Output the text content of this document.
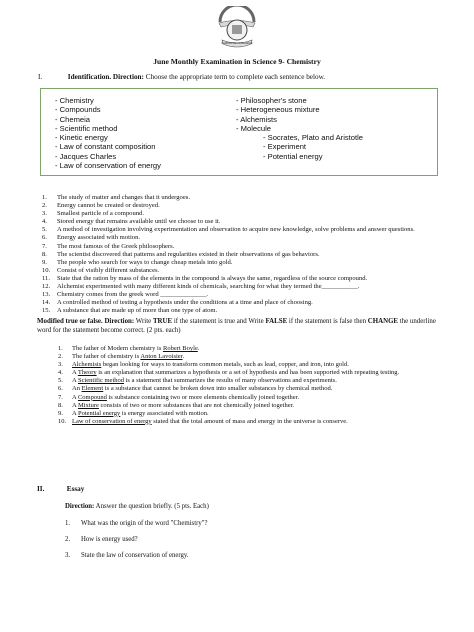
CHRISTIAN COLLEGE
June Monthly Examination in Science 9- Chemistry
I.	Identification. Direction: Choose the appropriate term to complete each sentence below.
- Chemistry
- Compounds
- Chemeia
- Scientific method
- Kinetic energy
- Law of constant composition
- Jacques Charles
- Law of conservation of energy
- Philosopher's stone
- Heterogeneous mixture
- Alchemists
- Molecule
- Socrates, Plato and Aristotle
- Experiment
- Potential energy
1.	The study of matter and changes that it undergoes.
2.	Energy cannot be created or destroyed.
3.	Smallest particle of a compound.
4.	Stored energy that remains available until we choose to use it.
5.	A method of investigation involving experimentation and observation to acquire new knowledge, solve problems and answer questions.
6.	Energy associated with motion.
7.	The most famous of the Greek philosophers.
8.	The scientist discovered that patterns and regularities existed in their observations of gas behaviors.
9.	The people who search for ways to change cheap metals into gold.
10.	Consist of visibly different substances.
11.	State that the ration by mass of the elements in the compound is always the same, regardless of the source compound.
12.	Alchemist experimented with many different kinds of chemicals, searching for what they termed the___________.
13.	Chemistry comes from the greek word ______________.
14.	A controlled method of testing a hypothesis under the conditions at a time and place of choosing.
15.	A substance that are made up of more than one type of atom.
Modified true or false. Direction: Write TRUE if the statement is true and Write FALSE if the statement is false then CHANGE the underline word for the statement become correct. (2 pts. each)
1.	The father of Modern chemistry is Robert Boyle.
2.	The father of chemistry is Anton Lavoisier.
3.	Alchemists began looking for ways to transform common metals, such as lead, copper, and iron, into gold.
4.	A Theory is an explanation that summarizes a hypothesis or a set of hypothesis and has been supported with repeating testing.
5.	A Scientific method is a statement that summarizes the results of many observations and experiments.
6.	An Element is a substance that cannot be broken down into smaller substances by chemical method.
7.	A Compound is substance containing two or more elements chemically joined together.
8.	A Mixture consists of two or more substances that are not chemically joined together.
9.	A Potential energy is energy associated with motion.
10. Law of conservation of energy stated that the total amount of mass and energy in the universe is conserve.
II.	Essay
Direction: Answer the question briefly. (5 pts. Each)
1.	What was the origin of the word "Chemistry"?
2.	How is energy used?
3.	State the law of conservation of energy.
